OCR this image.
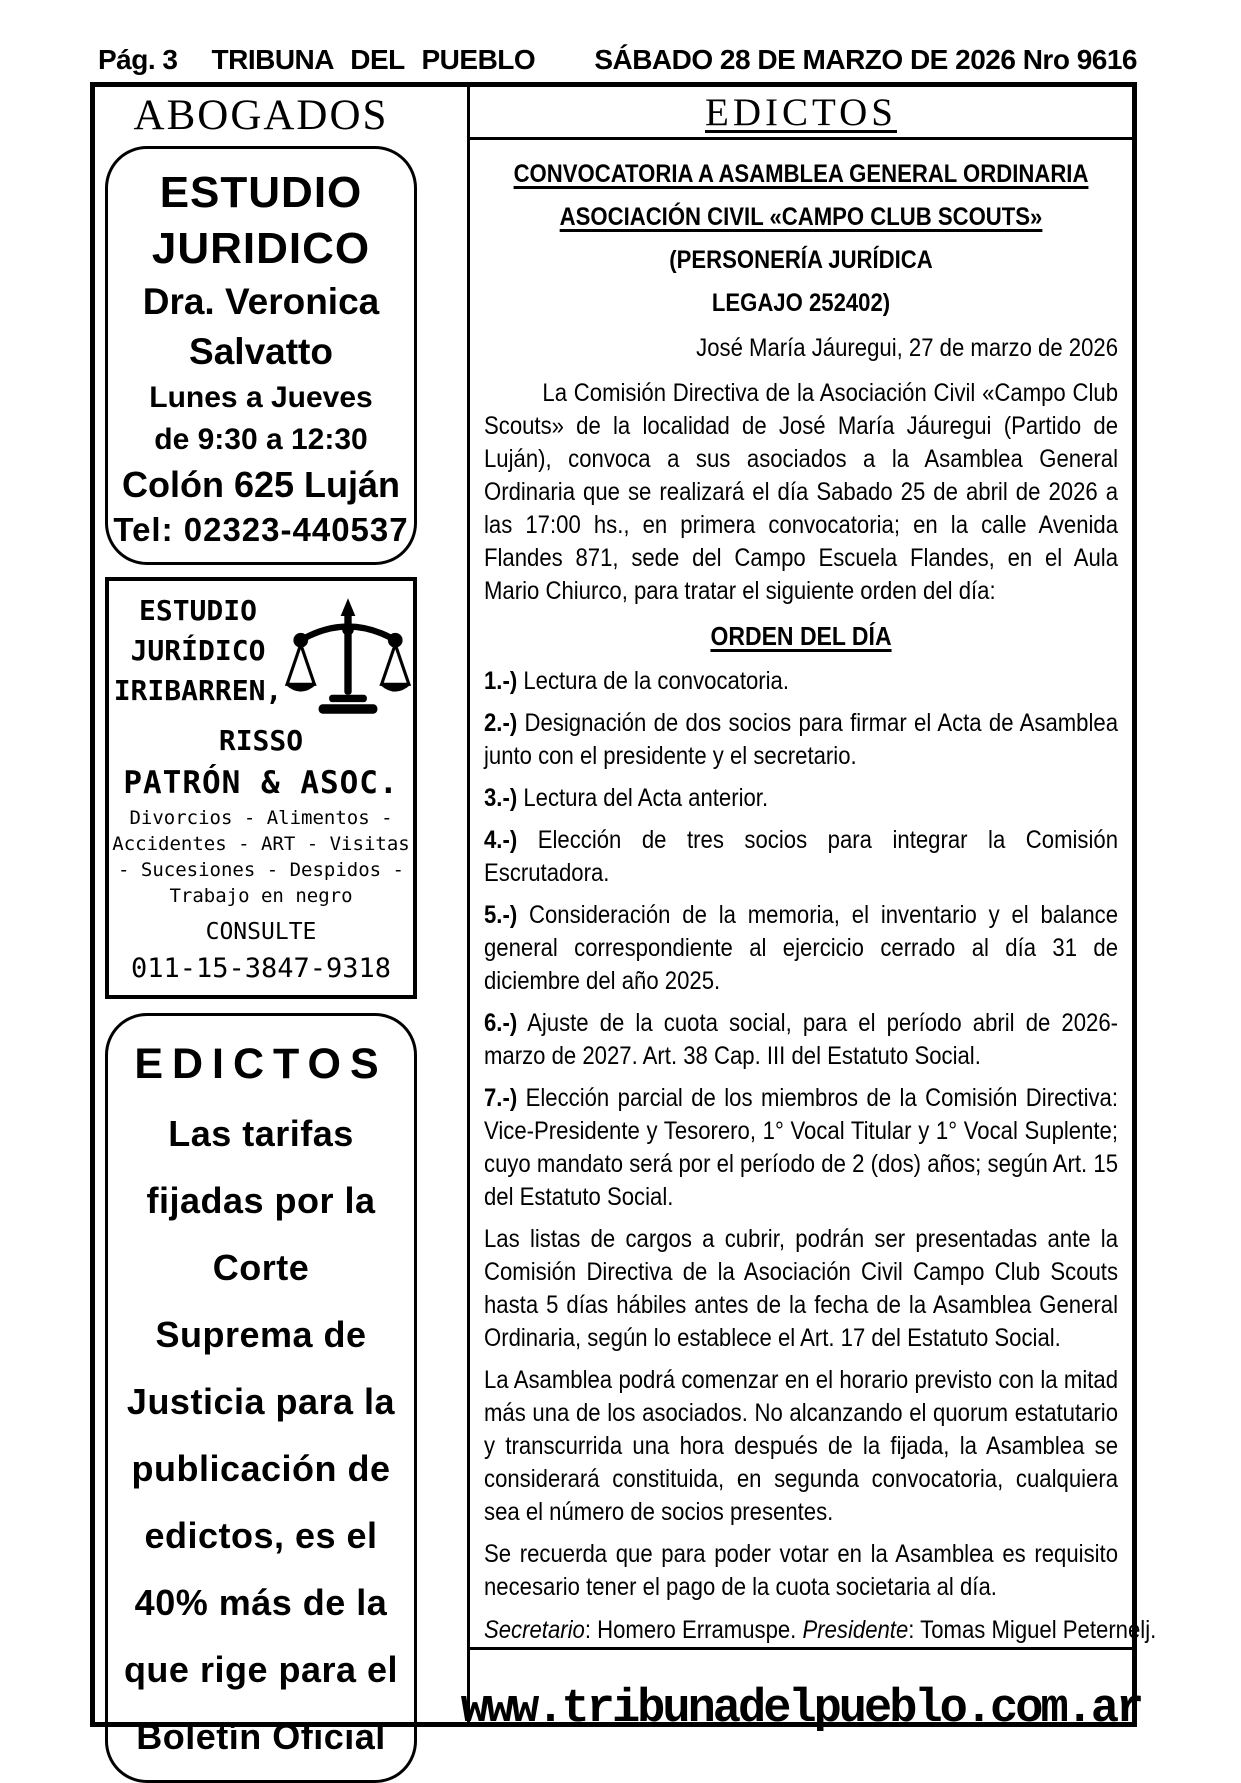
Pág. 3 TRIBUNA DEL PUEBLO SÁBADO 28 DE MARZO DE 2026 Nro 9616
ABOGADOS
ESTUDIO
JURIDICO
Dra. Veronica
Salvatto
Lunes a Jueves
de 9:30 a 12:30
Colón 625 Luján
Tel: 02323-440537
ESTUDIO
JURÍDICO
IRIBARREN,
RISSO
PATRÓN & ASOC.
Divorcios - Alimentos -
Accidentes - ART - Visitas
- Sucesiones - Despidos -
Trabajo en negro
CONSULTE
011-15-3847-9318
EDICTOS
Las tarifas
fijadas por la
Corte
Suprema de
Justicia para la
publicación de
edictos, es el
40% más de la
que rige para el
Boletín Oficial
EDICTOS
CONVOCATORIA A ASAMBLEA GENERAL ORDINARIA
ASOCIACIÓN CIVIL «CAMPO CLUB SCOUTS»
(PERSONERÍA JURÍDICA
LEGAJO 252402)
José María Jáuregui, 27 de marzo de 2026
La Comisión Directiva de la Asociación Civil «Campo Club Scouts» de la localidad de José María Jáuregui (Partido de Luján), convoca a sus asociados a la Asamblea General Ordinaria que se realizará el día Sabado 25 de abril de 2026 a las 17:00 hs., en primera convocatoria; en la calle Avenida Flandes 871, sede del Campo Escuela Flandes, en el Aula Mario Chiurco, para tratar el siguiente orden del día:
ORDEN DEL DÍA
1.-) Lectura de la convocatoria.
2.-) Designación de dos socios para firmar el Acta de Asamblea junto con el presidente y el secretario.
3.-) Lectura del Acta anterior.
4.-) Elección de tres socios para integrar la Comisión Escrutadora.
5.-) Consideración de la memoria, el inventario y el balance general correspondiente al ejercicio cerrado al día 31 de diciembre del año 2025.
6.-) Ajuste de la cuota social, para el período abril de 2026- marzo de 2027. Art. 38 Cap. III del Estatuto Social.
7.-) Elección parcial de los miembros de la Comisión Directiva: Vice-Presidente y Tesorero, 1° Vocal Titular y 1° Vocal Suplente; cuyo mandato será por el período de 2 (dos) años; según Art. 15 del Estatuto Social.
Las listas de cargos a cubrir, podrán ser presentadas ante la Comisión Directiva de la Asociación Civil Campo Club Scouts hasta 5 días hábiles antes de la fecha de la Asamblea General Ordinaria, según lo establece el Art. 17 del Estatuto Social.
La Asamblea podrá comenzar en el horario previsto con la mitad más una de los asociados. No alcanzando el quorum estatutario y transcurrida una hora después de la fijada, la Asamblea se considerará constituida, en segunda convocatoria, cualquiera sea el número de socios presentes.
Se recuerda que para poder votar en la Asamblea es requisito necesario tener el pago de la cuota societaria al día.
Secretario: Homero Erramuspe. Presidente: Tomas Miguel Peternelj.
www.tribunadelpueblo.com.ar
